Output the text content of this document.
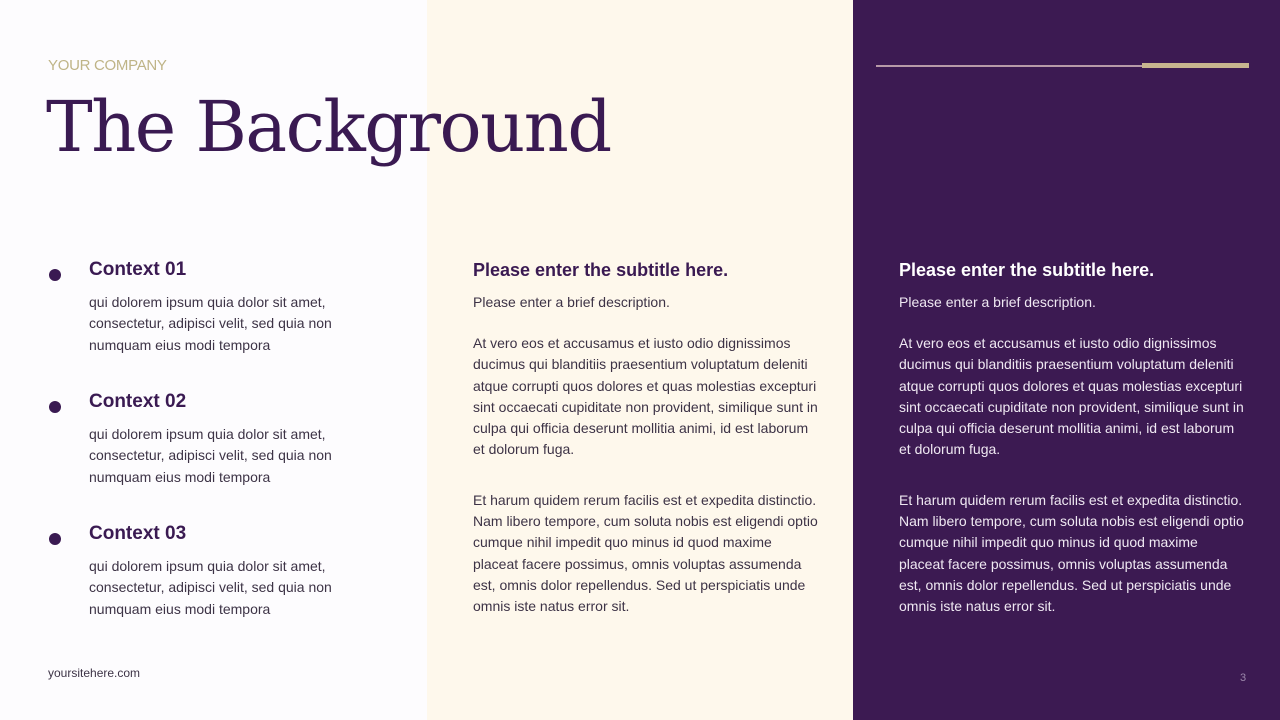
YOUR COMPANY
The Background
Context 01

qui dolorem ipsum quia dolor sit amet, consectetur, adipisci velit, sed quia non numquam eius modi tempora

Context 02

qui dolorem ipsum quia dolor sit amet, consectetur, adipisci velit, sed quia non numquam eius modi tempora

Context 03

qui dolorem ipsum quia dolor sit amet, consectetur, adipisci velit, sed quia non numquam eius modi tempora

Please enter the subtitle here.

Please enter a brief description.

At vero eos et accusamus et iusto odio dignissimos ducimus qui blanditiis praesentium voluptatum deleniti atque corrupti quos dolores et quas molestias excepturi sint occaecati cupiditate non provident, similique sunt in culpa qui officia deserunt mollitia animi, id est laborum et dolorum fuga.

Et harum quidem rerum facilis est et expedita distinctio. Nam libero tempore, cum soluta nobis est eligendi optio cumque nihil impedit quo minus id quod maxime placeat facere possimus, omnis voluptas assumenda est, omnis dolor repellendus. Sed ut perspiciatis unde omnis iste natus error sit.

Please enter the subtitle here.

Please enter a brief description.

At vero eos et accusamus et iusto odio dignissimos ducimus qui blanditiis praesentium voluptatum deleniti atque corrupti quos dolores et quas molestias excepturi sint occaecati cupiditate non provident, similique sunt in culpa qui officia deserunt mollitia animi, id est laborum et dolorum fuga.

Et harum quidem rerum facilis est et expedita distinctio. Nam libero tempore, cum soluta nobis est eligendi optio cumque nihil impedit quo minus id quod maxime placeat facere possimus, omnis voluptas assumenda est, omnis dolor repellendus. Sed ut perspiciatis unde omnis iste natus error sit.

yoursitehere.com	3
